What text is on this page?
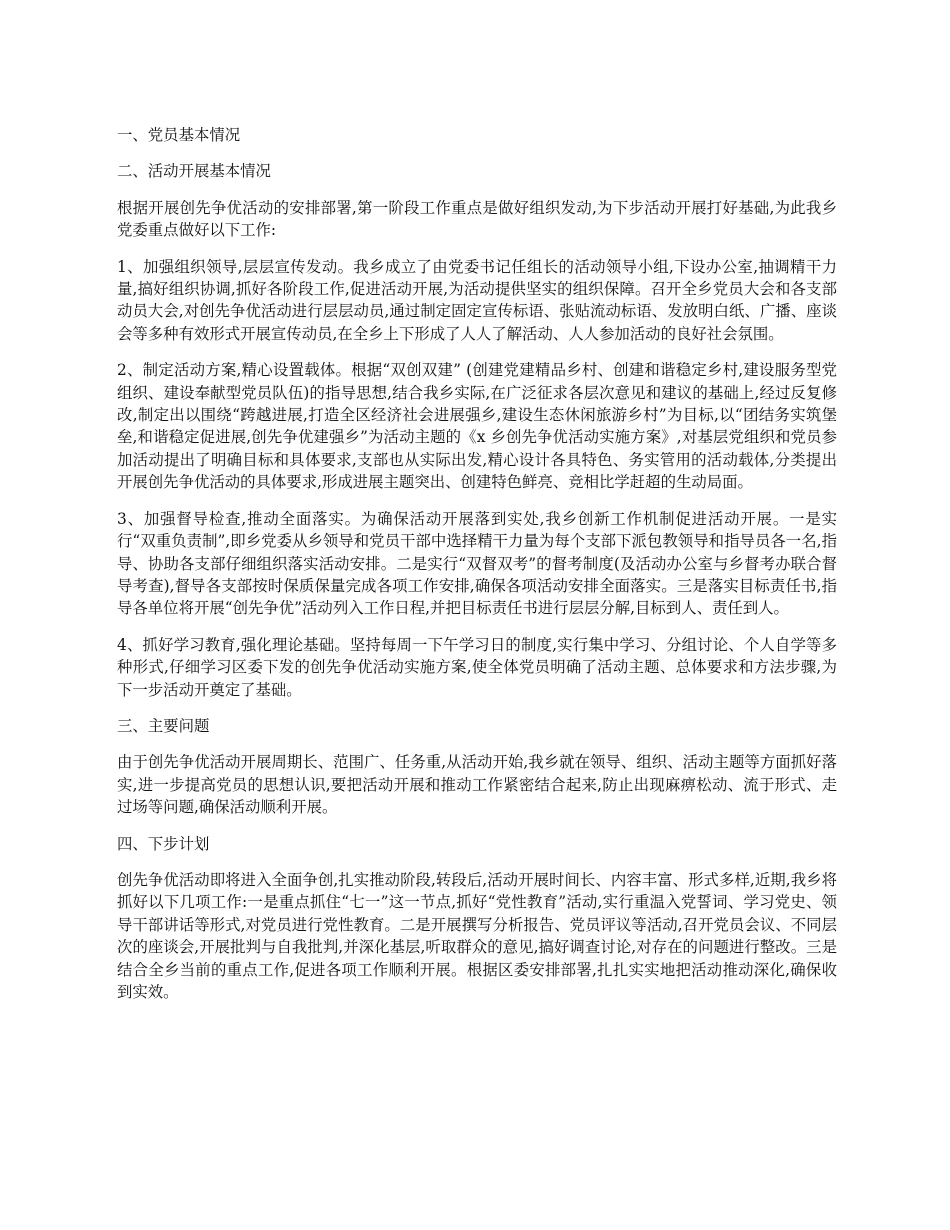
一、党员基本情况

二、活动开展基本情况

根据开展创先争优活动的安排部署,第一阶段工作重点是做好组织发动,为下步活动开展打好基础,为此我乡党委重点做好以下工作:

1、加强组织领导,层层宣传发动。我乡成立了由党委书记任组长的活动领导小组,下设办公室,抽调精干力量,搞好组织协调,抓好各阶段工作,促进活动开展,为活动提供坚实的组织保障。召开全乡党员大会和各支部动员大会,对创先争优活动进行层层动员,通过制定固定宣传标语、张贴流动标语、发放明白纸、广播、座谈会等多种有效形式开展宣传动员,在全乡上下形成了人人了解活动、人人参加活动的良好社会氛围。

2、制定活动方案,精心设置载体。根据“双创双建” (创建党建精品乡村、创建和谐稳定乡村,建设服务型党组织、建设奉献型党员队伍)的指导思想,结合我乡实际,在广泛征求各层次意见和建议的基础上,经过反复修改,制定出以围绕“跨越进展,打造全区经济社会进展强乡,建设生态休闲旅游乡村”为目标,以“团结务实筑堡垒,和谐稳定促进展,创先争优建强乡”为活动主题的《x 乡创先争优活动实施方案》,对基层党组织和党员参加活动提出了明确目标和具体要求,支部也从实际出发,精心设计各具特色、务实管用的活动载体,分类提出开展创先争优活动的具体要求,形成进展主题突出、创建特色鲜亮、竞相比学赶超的生动局面。

3、加强督导检查,推动全面落实。为确保活动开展落到实处,我乡创新工作机制促进活动开展。一是实行“双重负责制”,即乡党委从乡领导和党员干部中选择精干力量为每个支部下派包教领导和指导员各一名,指导、协助各支部仔细组织落实活动安排。二是实行“双督双考”的督考制度(及活动办公室与乡督考办联合督导考查),督导各支部按时保质保量完成各项工作安排,确保各项活动安排全面落实。三是落实目标责任书,指导各单位将开展“创先争优”活动列入工作日程,并把目标责任书进行层层分解,目标到人、责任到人。

4、抓好学习教育,强化理论基础。坚持每周一下午学习日的制度,实行集中学习、分组讨论、个人自学等多种形式,仔细学习区委下发的创先争优活动实施方案,使全体党员明确了活动主题、总体要求和方法步骤,为下一步活动开奠定了基础。

三、主要问题

由于创先争优活动开展周期长、范围广、任务重,从活动开始,我乡就在领导、组织、活动主题等方面抓好落实,进一步提高党员的思想认识,要把活动开展和推动工作紧密结合起来,防止出现麻痹松动、流于形式、走过场等问题,确保活动顺利开展。

四、下步计划

创先争优活动即将进入全面争创,扎实推动阶段,转段后,活动开展时间长、内容丰富、形式多样,近期,我乡将抓好以下几项工作:一是重点抓住“七一”这一节点,抓好“党性教育”活动,实行重温入党誓词、学习党史、领导干部讲话等形式,对党员进行党性教育。二是开展撰写分析报告、党员评议等活动,召开党员会议、不同层次的座谈会,开展批判与自我批判,并深化基层,听取群众的意见,搞好调查讨论,对存在的问题进行整改。三是结合全乡当前的重点工作,促进各项工作顺利开展。根据区委安排部署,扎扎实实地把活动推动深化,确保收到实效。
